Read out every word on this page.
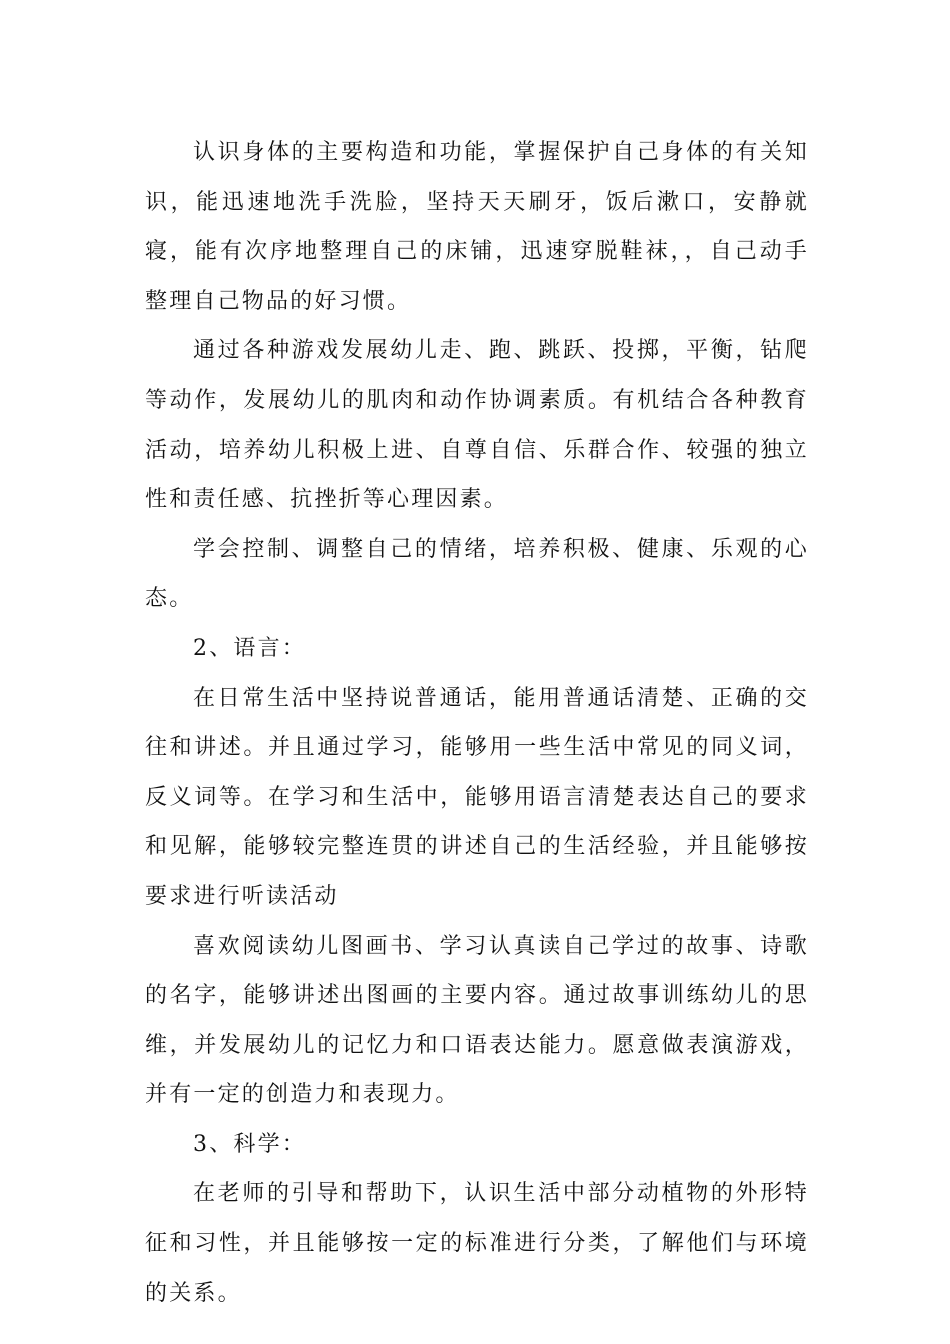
认识身体的主要构造和功能，掌握保护自己身体的有关知识，能迅速地洗手洗脸，坚持天天刷牙，饭后漱口，安静就寝，能有次序地整理自己的床铺，迅速穿脱鞋袜，，自己动手整理自己物品的好习惯。

通过各种游戏发展幼儿走、跑、跳跃、投掷，平衡，钻爬等动作，发展幼儿的肌肉和动作协调素质。有机结合各种教育活动，培养幼儿积极上进、自尊自信、乐群合作、较强的独立性和责任感、抗挫折等心理因素。

学会控制、调整自己的情绪，培养积极、健康、乐观的心态。

2、语言：

在日常生活中坚持说普通话，能用普通话清楚、正确的交往和讲述。并且通过学习，能够用一些生活中常见的同义词，反义词等。在学习和生活中，能够用语言清楚表达自己的要求和见解，能够较完整连贯的讲述自己的生活经验，并且能够按要求进行听读活动

喜欢阅读幼儿图画书、学习认真读自己学过的故事、诗歌的名字，能够讲述出图画的主要内容。通过故事训练幼儿的思维，并发展幼儿的记忆力和口语表达能力。愿意做表演游戏，并有一定的创造力和表现力。

3、科学：

在老师的引导和帮助下，认识生活中部分动植物的外形特征和习性，并且能够按一定的标准进行分类，了解他们与环境的关系。
